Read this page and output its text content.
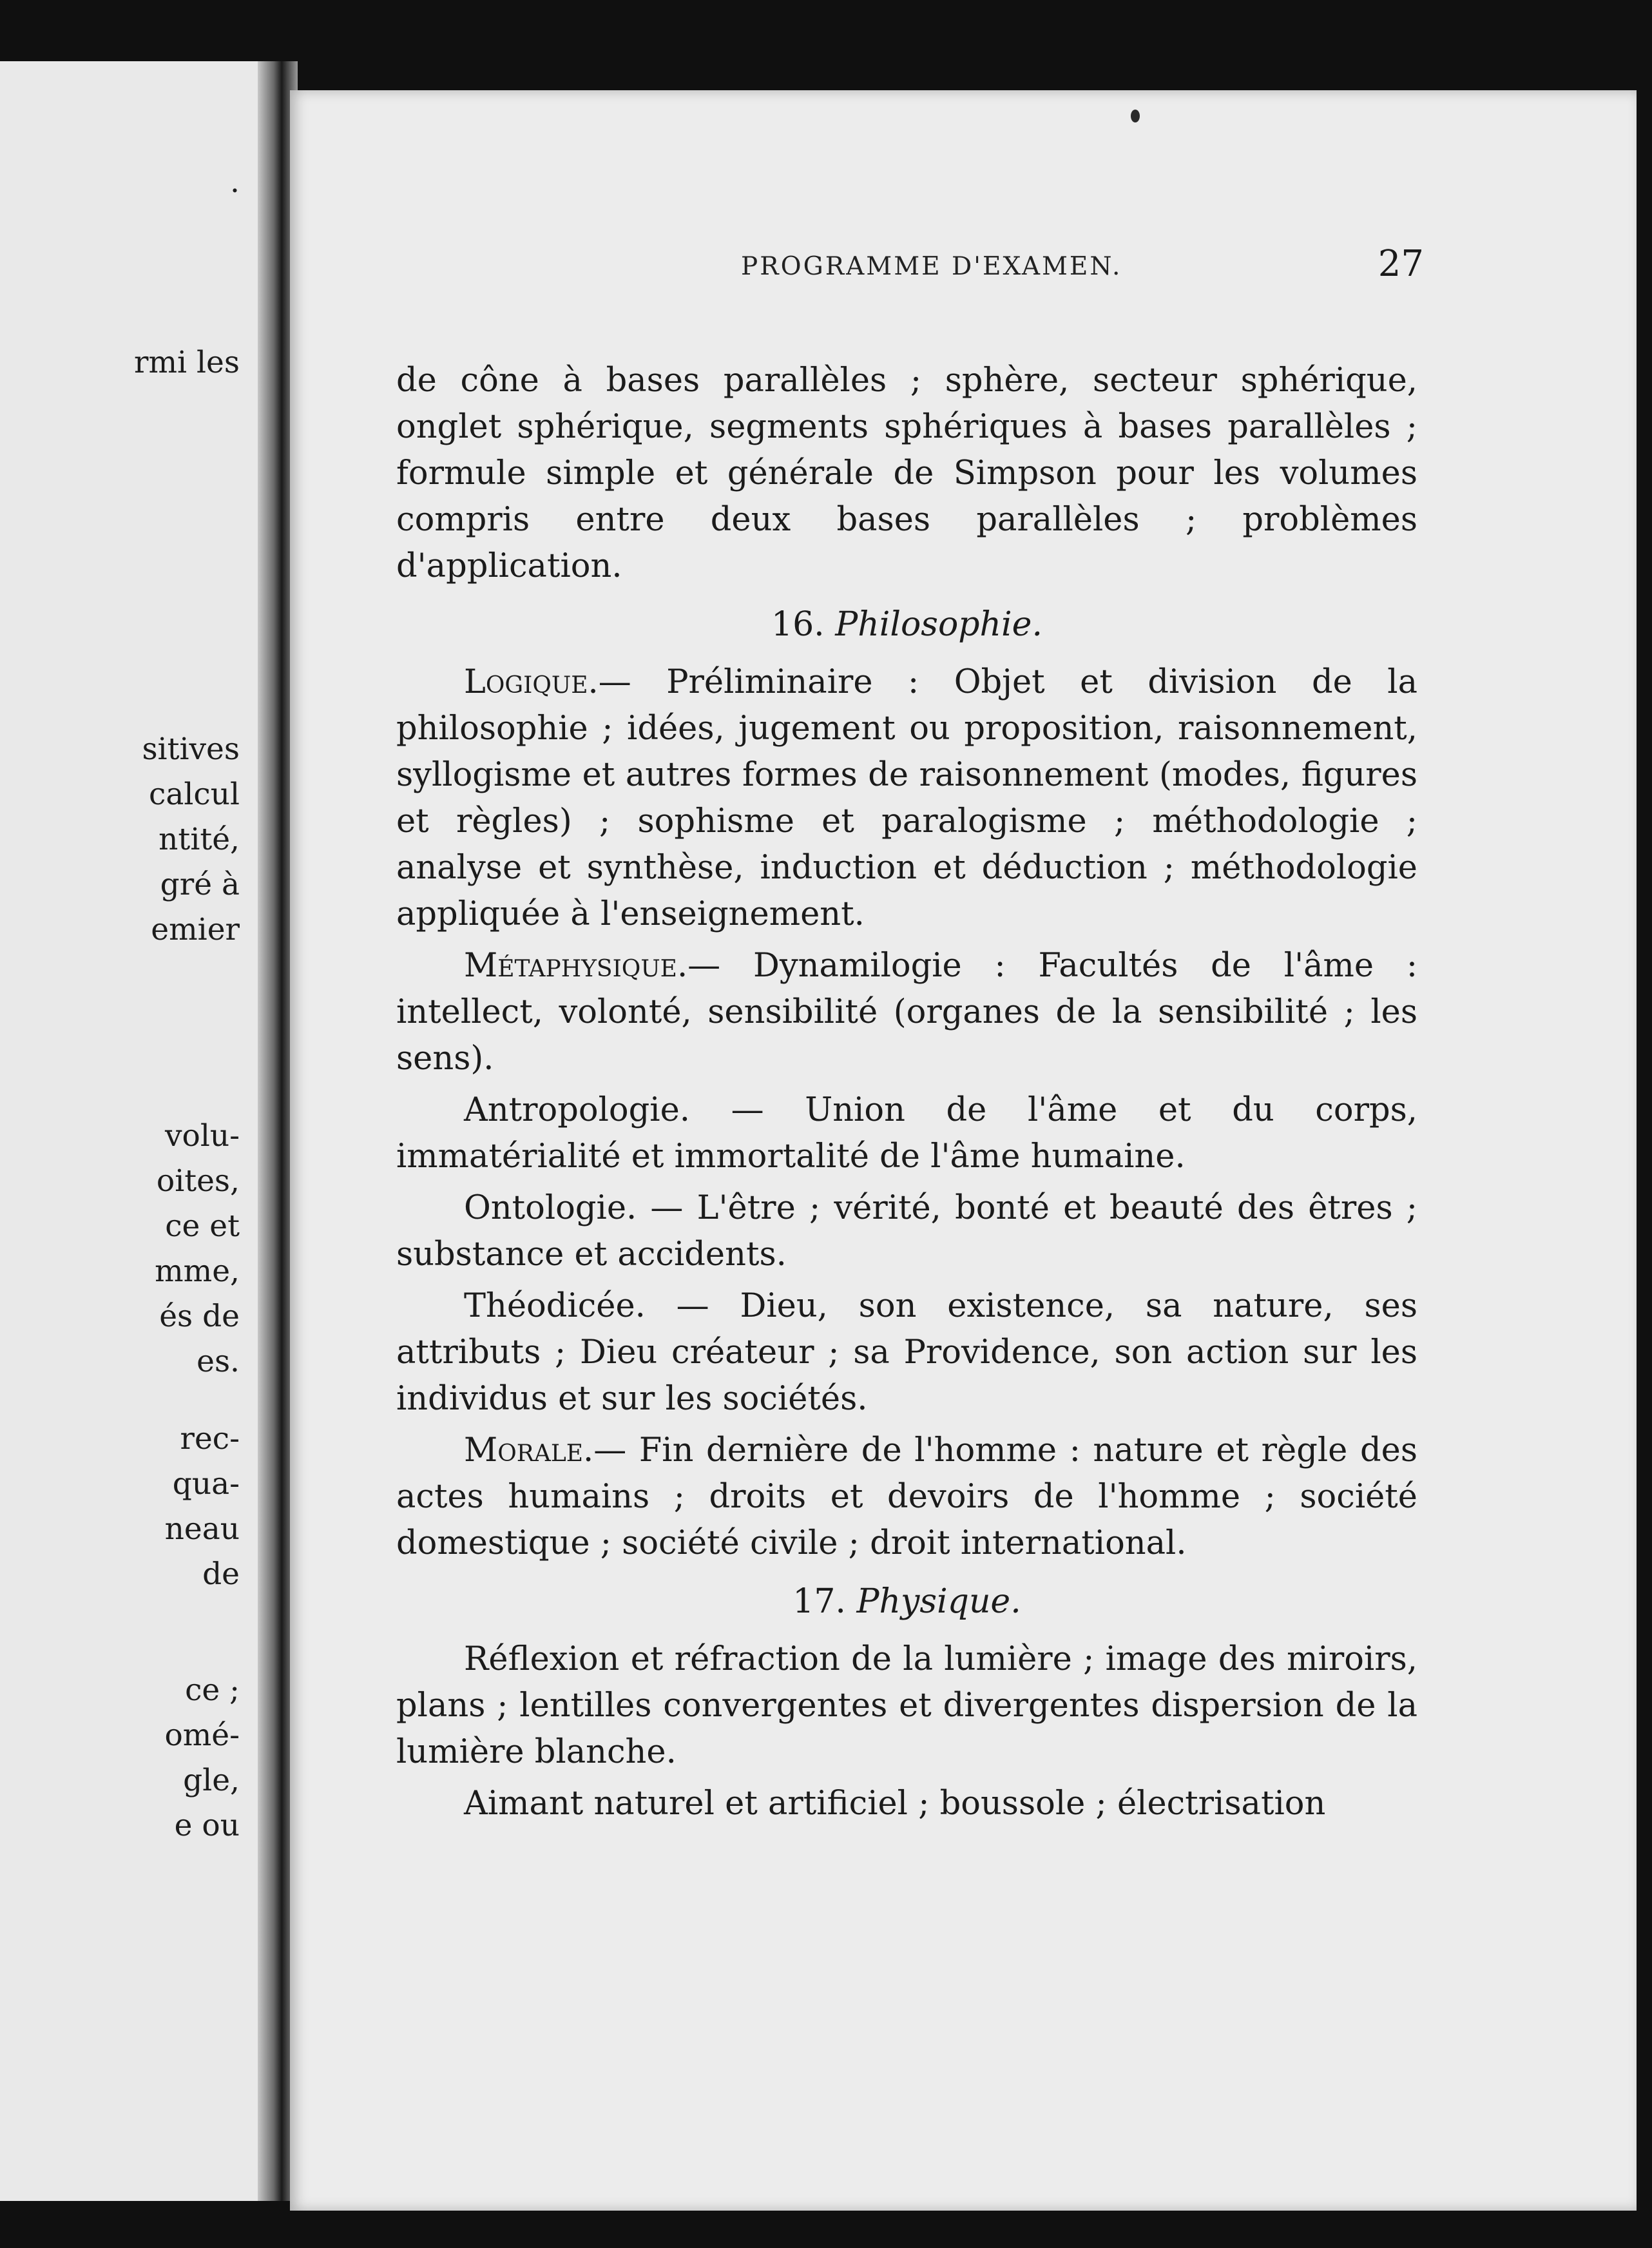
.

rmi les

sitives

calcul

ntité,

gré à

emier

volu-

oites,

ce et

mme,

és de

es.

rec-

qua-

neau

de

ce ;

omé-

gle,

e ou

PROGRAMME D'EXAMEN.	27

de cône à bases parallèles ; sphère, secteur sphérique, onglet sphérique, segments sphériques à bases parallèles ; formule simple et générale de Simpson pour les volumes compris entre deux bases parallèles ; problèmes d'application.

16. Philosophie.

Logique.— Préliminaire : Objet et division de la philosophie ; idées, jugement ou proposition, raisonnement, syllogisme et autres formes de raisonnement (modes, figures et règles) ; sophisme et paralogisme ; méthodologie ; analyse et synthèse, induction et déduction ; méthodologie appliquée à l'enseignement.

Métaphysique.— Dynamilogie : Facultés de l'âme : intellect, volonté, sensibilité (organes de la sensibilité ; les sens).

Antropologie. — Union de l'âme et du corps, immatérialité et immortalité de l'âme humaine.

Ontologie. — L'être ; vérité, bonté et beauté des êtres ; substance et accidents.

Théodicée. — Dieu, son existence, sa nature, ses attributs ; Dieu créateur ; sa Providence, son action sur les individus et sur les sociétés.

Morale.— Fin dernière de l'homme : nature et règle des actes humains ; droits et devoirs de l'homme ; société domestique ; société civile ; droit international.

17. Physique.

Réflexion et réfraction de la lumière ; image des miroirs, plans ; lentilles convergentes et divergentes dispersion de la lumière blanche.

Aimant naturel et artificiel ; boussole ; électrisation
